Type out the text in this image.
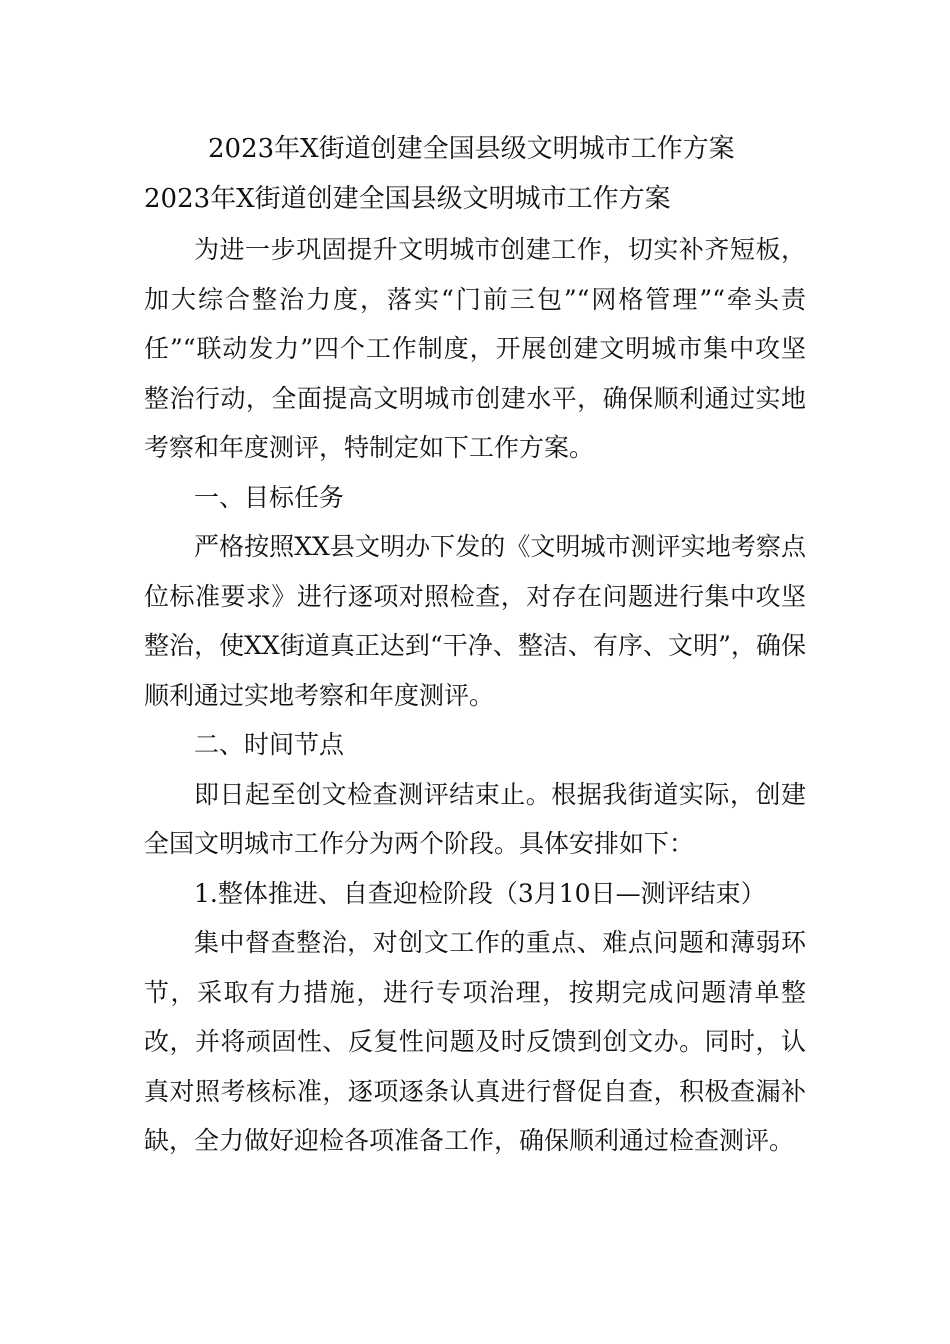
2023年X街道创建全国县级文明城市工作方案
2023年X街道创建全国县级文明城市工作方案

为进一步巩固提升文明城市创建工作，切实补齐短板，加大综合整治力度，落实“门前三包”“网格管理”“牵头责任”“联动发力”四个工作制度，开展创建文明城市集中攻坚整治行动，全面提高文明城市创建水平，确保顺利通过实地考察和年度测评，特制定如下工作方案。

一、目标任务

严格按照XX县文明办下发的《文明城市测评实地考察点位标准要求》进行逐项对照检查，对存在问题进行集中攻坚整治，使XX街道真正达到“干净、整洁、有序、文明”，确保顺利通过实地考察和年度测评。

二、时间节点

即日起至创文检查测评结束止。根据我街道实际，创建全国文明城市工作分为两个阶段。具体安排如下：

1.整体推进、自查迎检阶段（3月10日—测评结束）

集中督查整治，对创文工作的重点、难点问题和薄弱环节，采取有力措施，进行专项治理，按期完成问题清单整改，并将顽固性、反复性问题及时反馈到创文办。同时，认真对照考核标准，逐项逐条认真进行督促自查，积极查漏补缺，全力做好迎检各项准备工作，确保顺利通过检查测评。
